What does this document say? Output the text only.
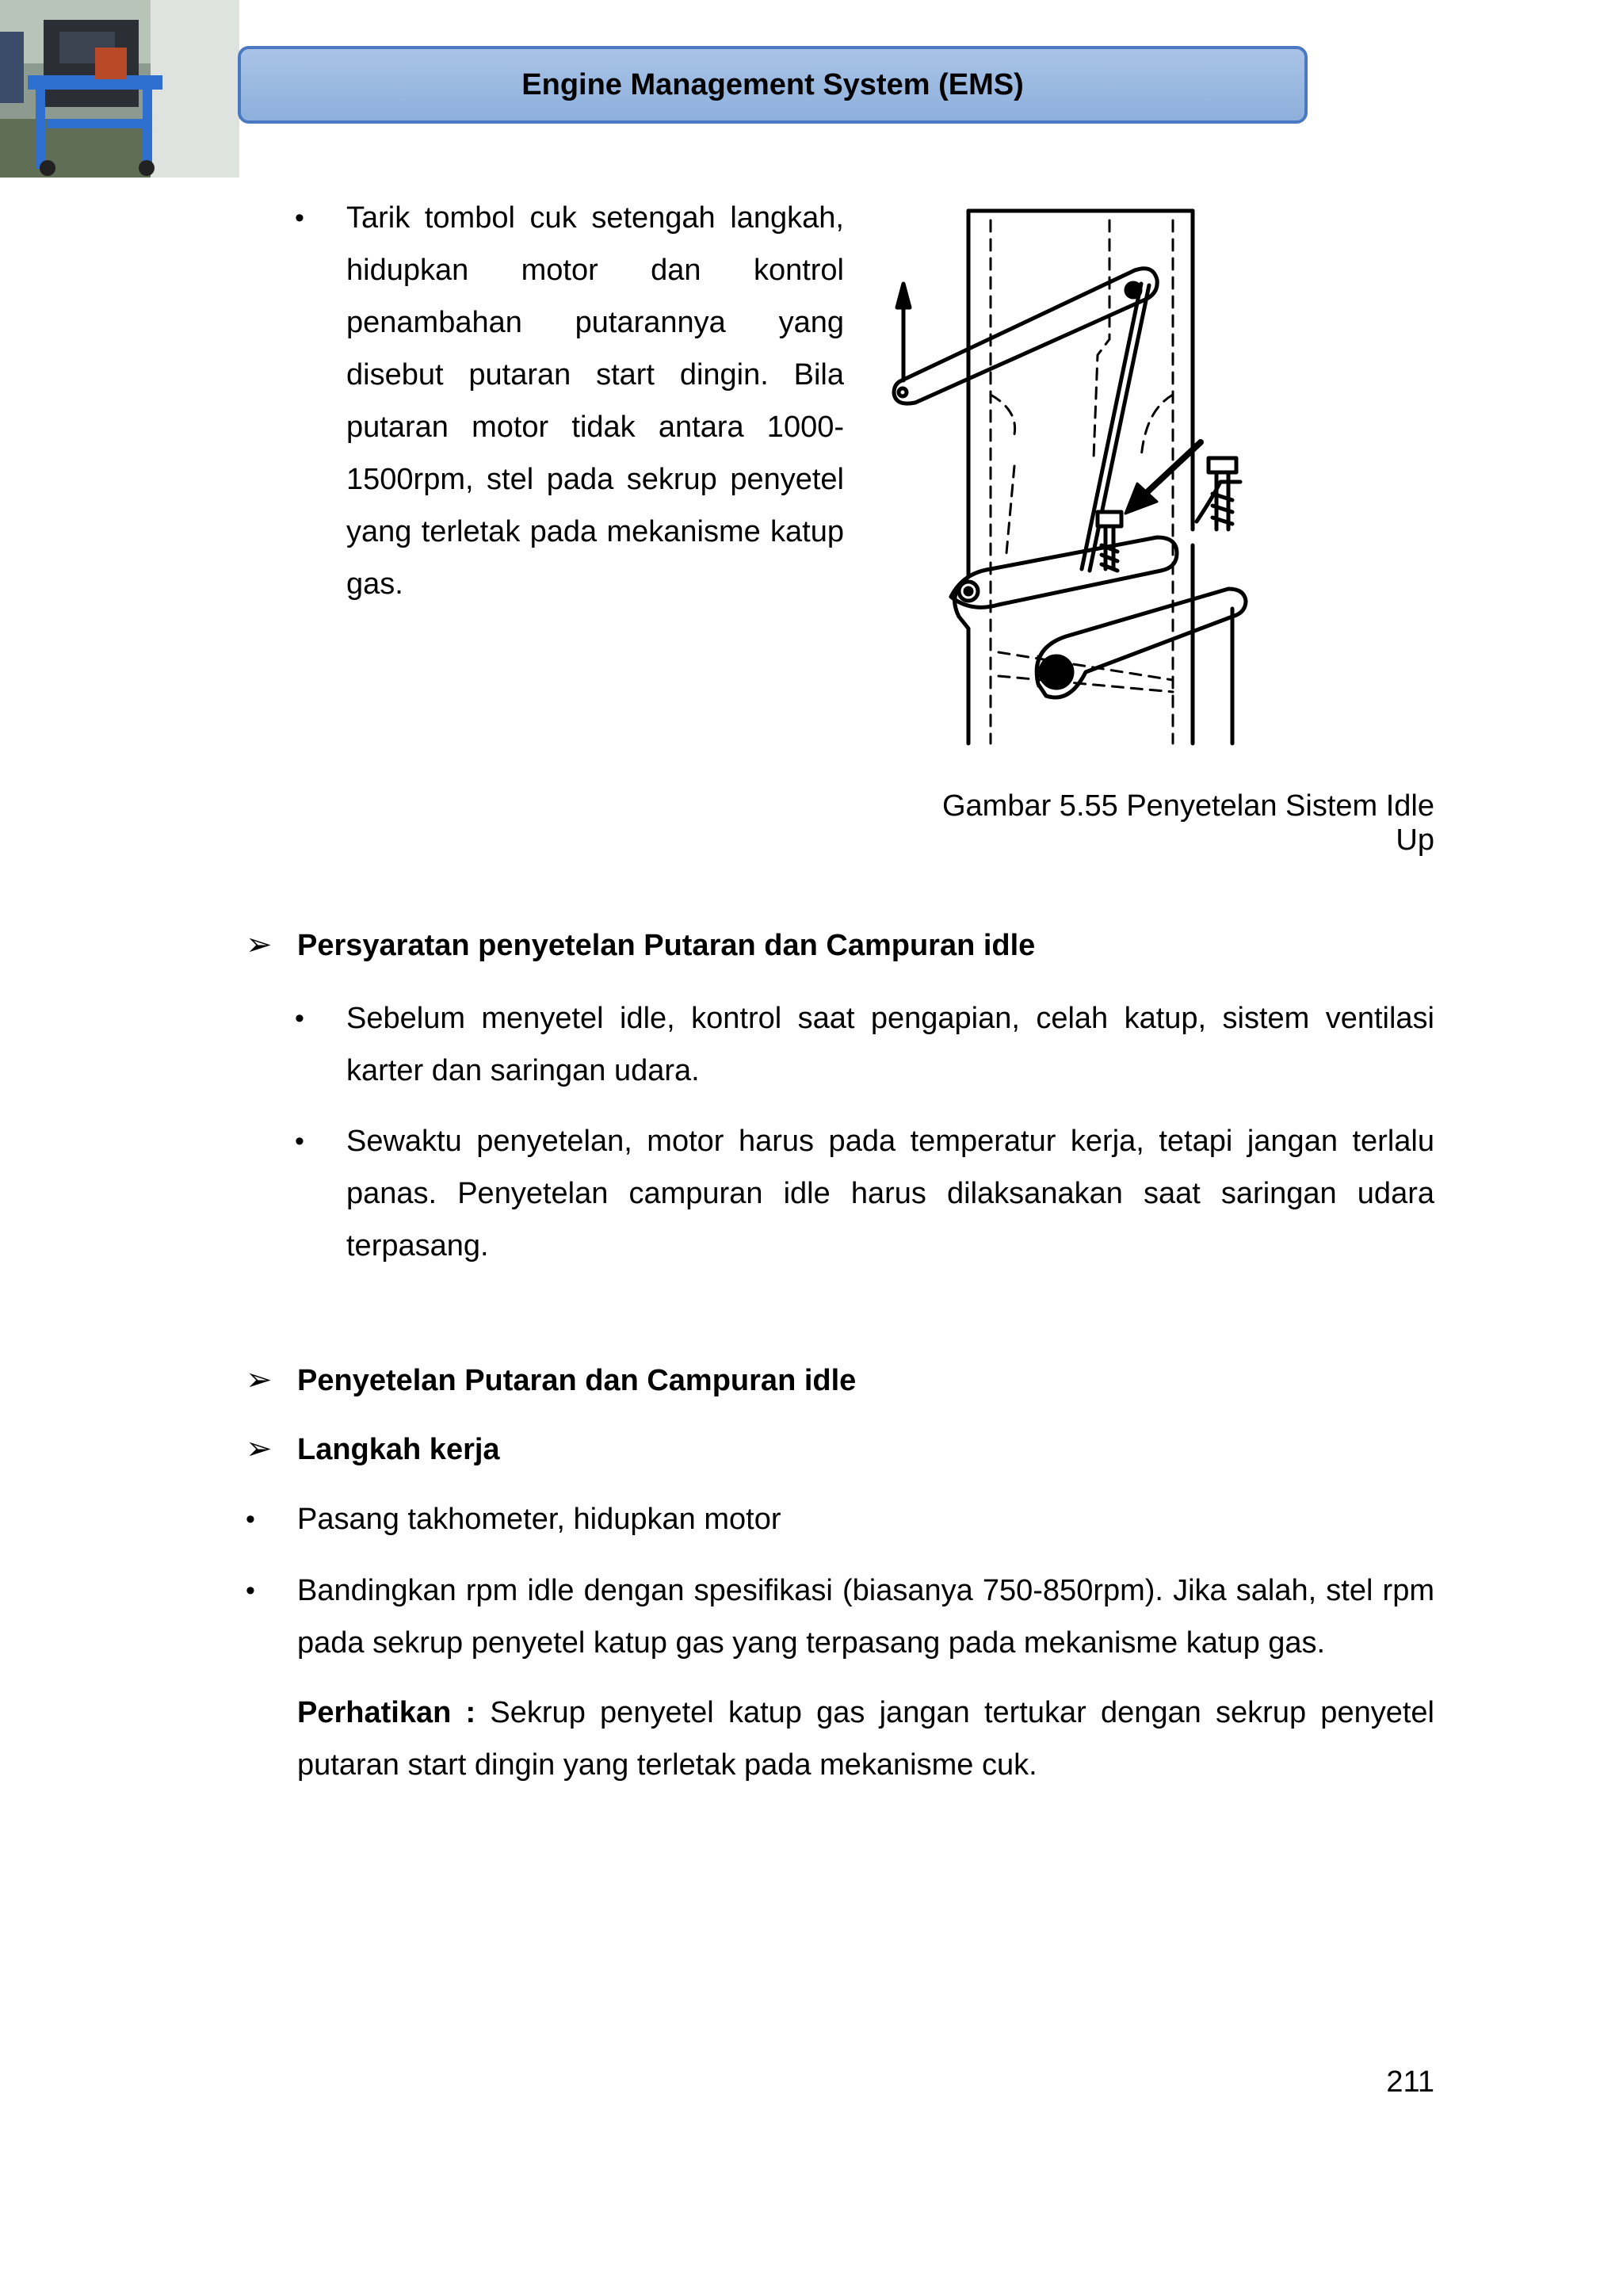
Engine Management System (EMS)
• Tarik tombol cuk setengah langkah,
hidupkan motor dan kontrol
penambahan putarannya yang
disebut putaran start dingin. Bila
putaran motor tidak antara 1000-
1500rpm, stel pada sekrup penyetel
yang terletak pada mekanisme katup
gas.
Gambar 5.55 Penyetelan Sistem Idle Up
➢ Persyaratan penyetelan Putaran dan Campuran idle
• Sebelum menyetel idle, kontrol saat pengapian, celah katup, sistem ventilasi
karter dan saringan udara.
• Sewaktu penyetelan, motor harus pada temperatur kerja, tetapi jangan terlalu
panas. Penyetelan campuran idle harus dilaksanakan saat saringan udara
terpasang.
➢ Penyetelan Putaran dan Campuran idle
➢ Langkah kerja
• Pasang takhometer, hidupkan motor
• Bandingkan rpm idle dengan spesifikasi (biasanya 750-850rpm). Jika salah, stel rpm
pada sekrup penyetel katup gas yang terpasang pada mekanisme katup gas.
Perhatikan : Sekrup penyetel katup gas jangan tertukar dengan sekrup penyetel
putaran start dingin yang terletak pada mekanisme cuk.
211
